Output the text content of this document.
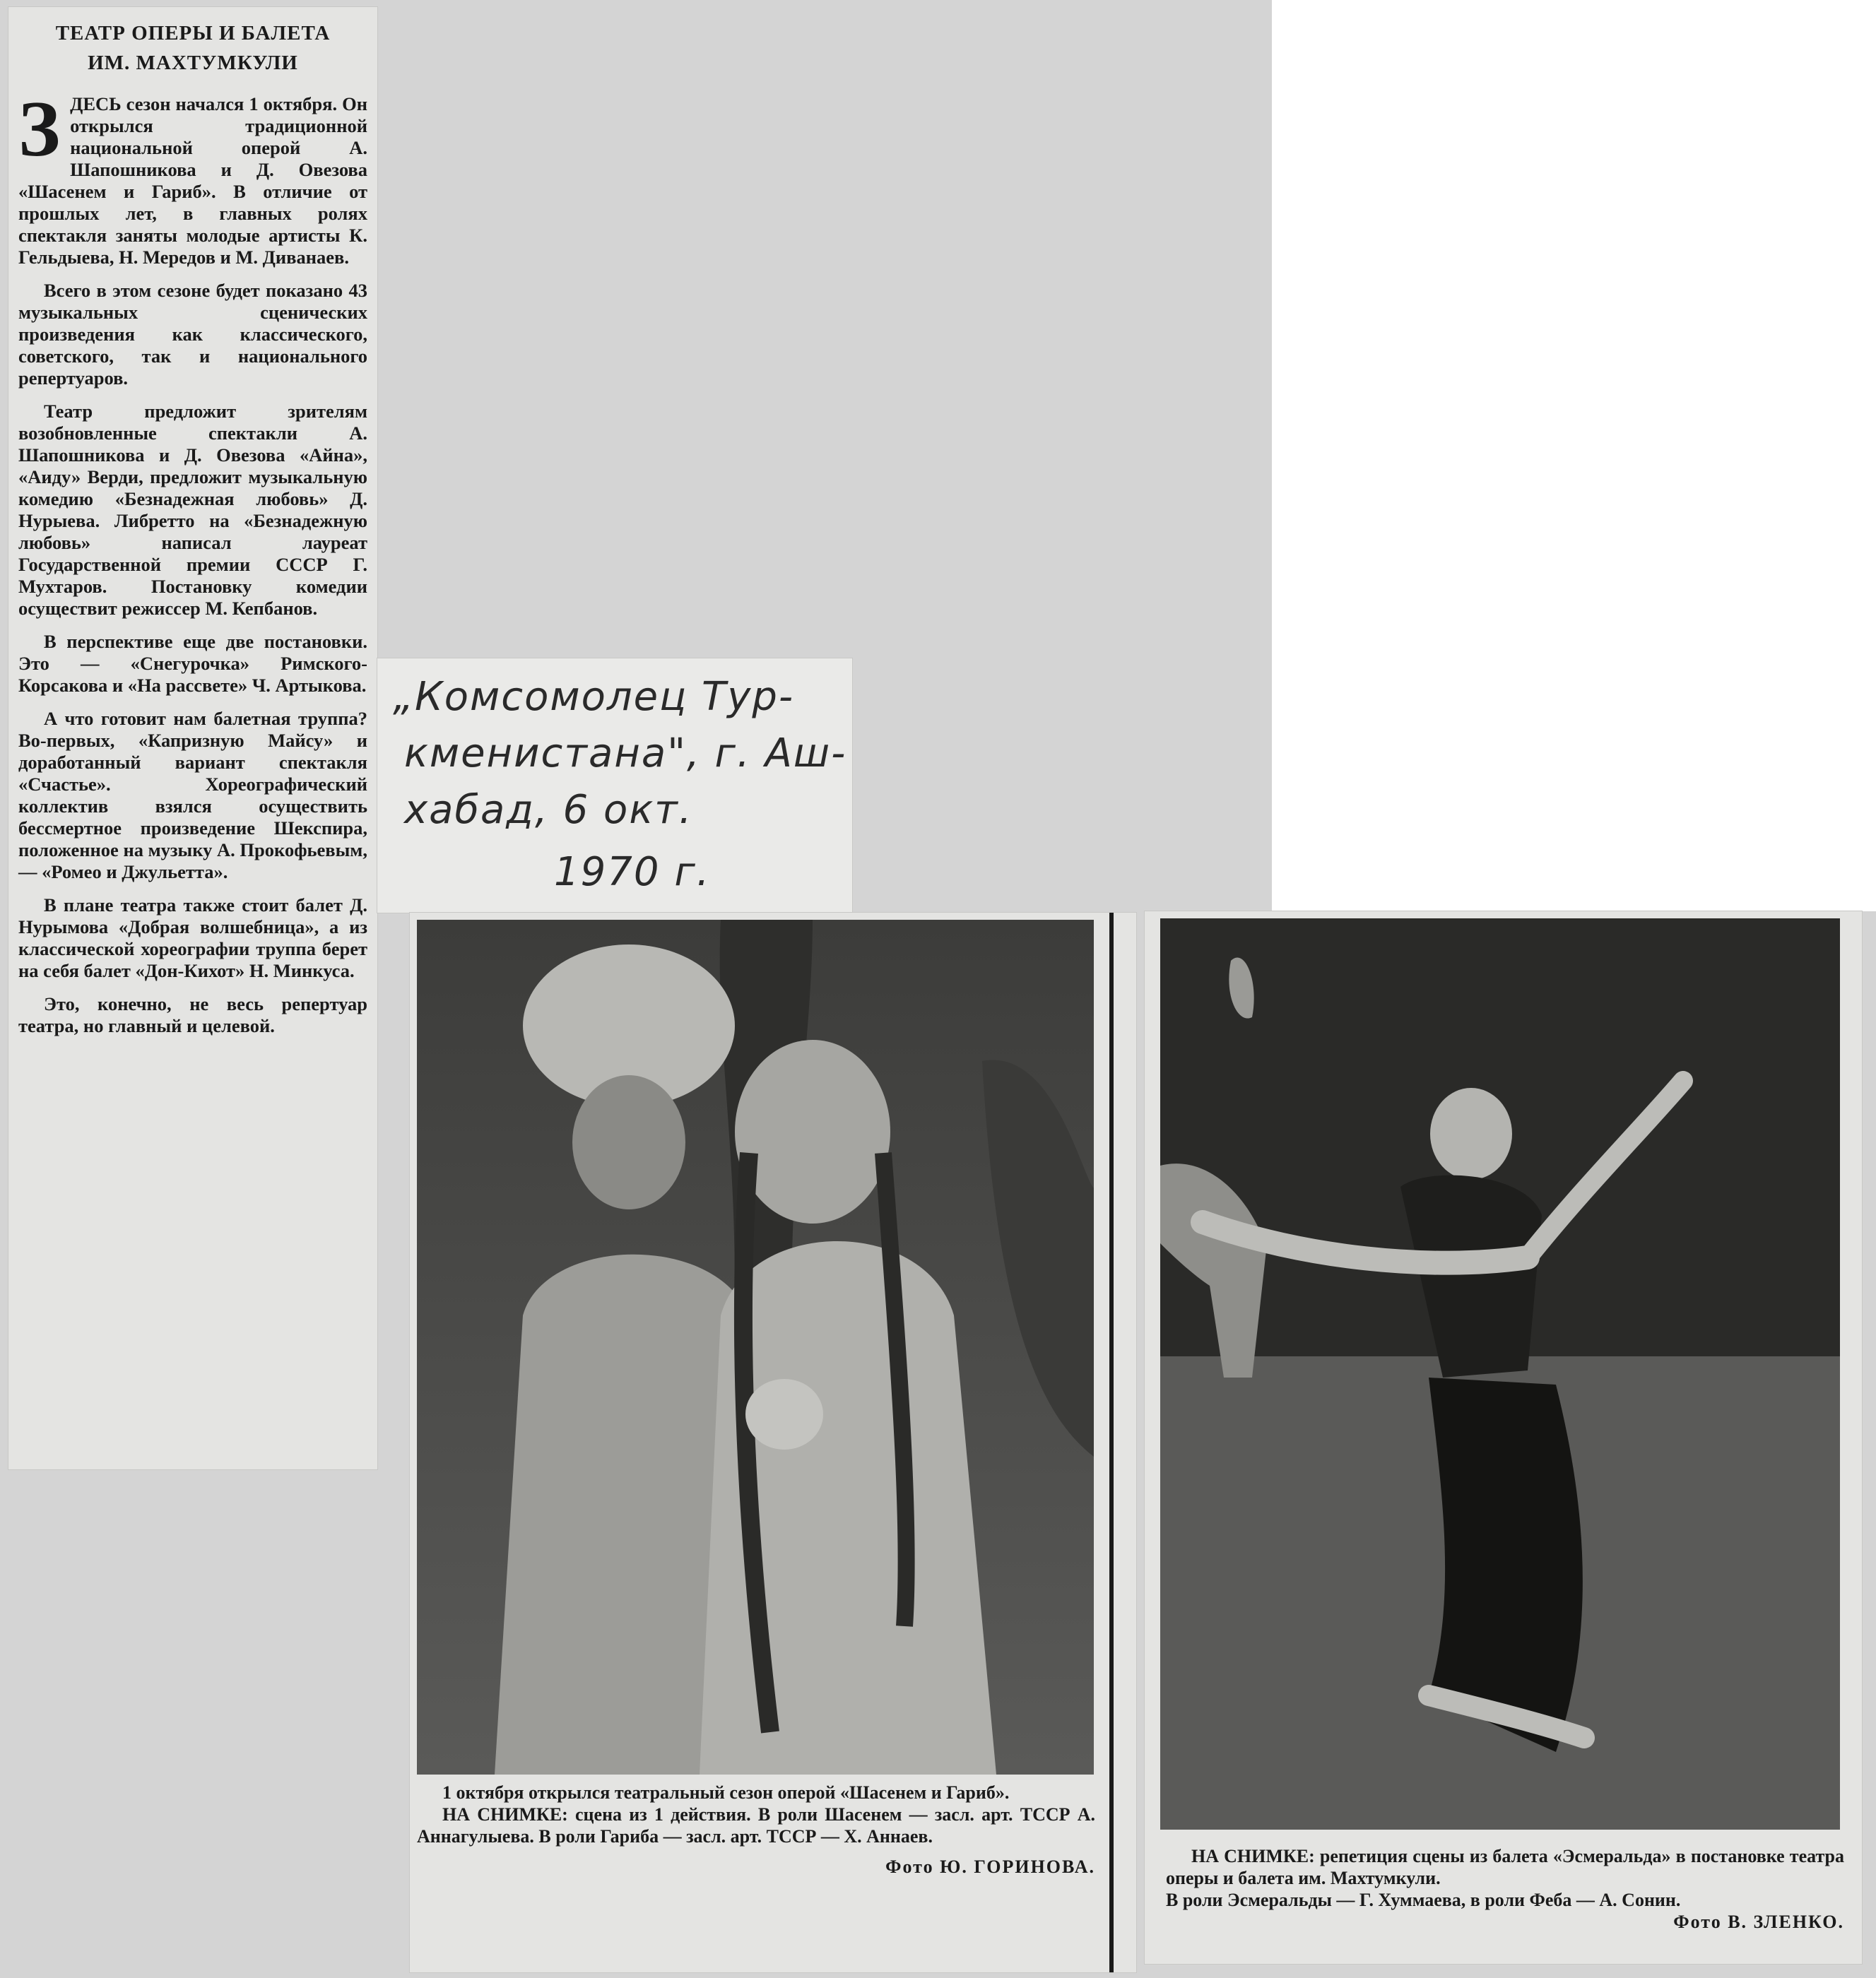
ТЕАТР ОПЕРЫ И БАЛЕТА
ИМ. МАХТУМКУЛИ

ЗДЕСЬ сезон начался 1 октября. Он открылся традиционной национальной оперой А. Шапошникова и Д. Овезова «Шасенем и Гариб». В отличие от прошлых лет, в главных ролях спектакля заняты молодые артисты К. Гельдыева, Н. Мередов и М. Диванаев.

Всего в этом сезоне будет показано 43 музыкальных сценических произведения как классического, советского, так и национального репертуаров.

Театр предложит зрителям возобновленные спектакли А. Шапошникова и Д. Овезова «Айна», «Аиду» Верди, предложит музыкальную комедию «Безнадежная любовь» Д. Нурыева. Либретто на «Безнадежную любовь» написал лауреат Государственной премии СССР Г. Мухтаров. Постановку комедии осуществит режиссер М. Кепбанов.

В перспективе еще две постановки. Это — «Снегурочка» Римского-Корсакова и «На рассвете» Ч. Артыкова.

А что готовит нам балетная труппа? Во-первых, «Капризную Майсу» и доработанный вариант спектакля «Счастье». Хореографический коллектив взялся осуществить бессмертное произведение Шекспира, положенное на музыку А. Прокофьевым, — «Ромео и Джульетта».

В плане театра также стоит балет Д. Нурымова «Добрая волшебница», а из классической хореографии труппа берет на себя балет «Дон-Кихот» Н. Минкуса.

Это, конечно, не весь репертуар театра, но главный и целевой.

„Комсомолец Тур-
кменистана", г. Аш-
хабад, 6 окт.
1970 г.

1 октября открылся театральный сезон оперой «Шасенем и Гариб».

НА СНИМКЕ: сцена из 1 действия. В роли Шасенем — засл. арт. ТССР А. Аннагулыева. В роли Гариба — засл. арт. ТССР — Х. Аннаев.

Фото Ю. ГОРИНОВА.

НА СНИМКЕ: репетиция сцены из балета «Эсмеральда» в постановке театра оперы и балета им. Махтумкули.

В роли Эсмеральды — Г. Хуммаева, в роли Феба — А. Сонин.

Фото В. ЗЛЕНКО.
